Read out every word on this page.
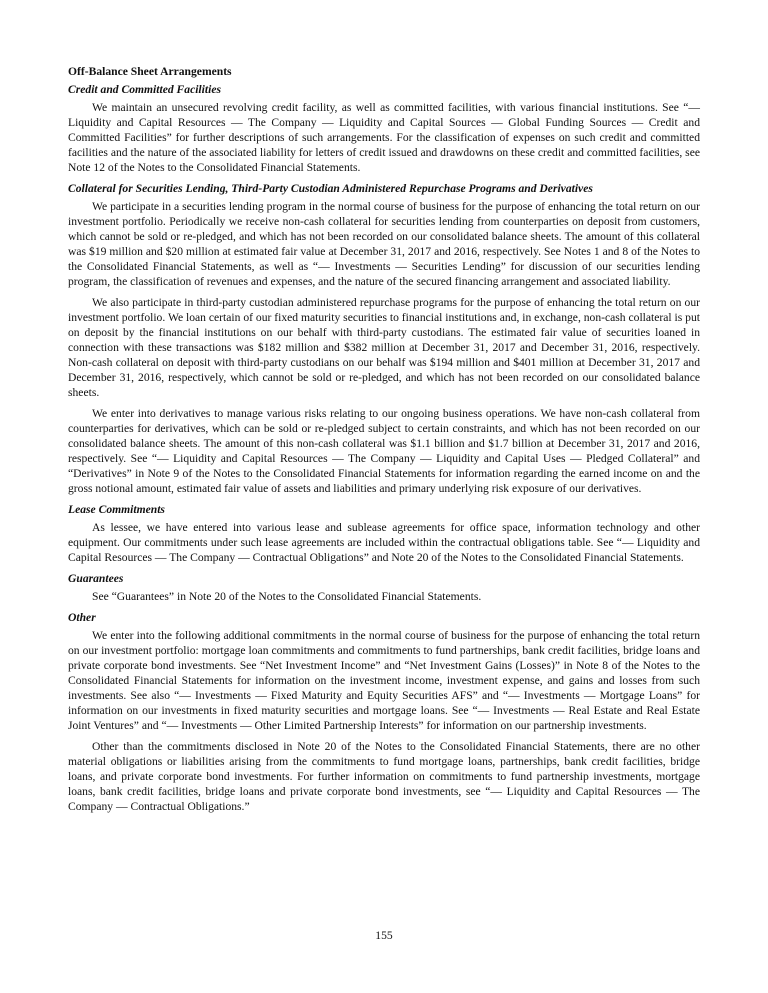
Off-Balance Sheet Arrangements
Credit and Committed Facilities

We maintain an unsecured revolving credit facility, as well as committed facilities, with various financial institutions. See “— Liquidity and Capital Resources — The Company — Liquidity and Capital Sources — Global Funding Sources — Credit and Committed Facilities” for further descriptions of such arrangements. For the classification of expenses on such credit and committed facilities and the nature of the associated liability for letters of credit issued and drawdowns on these credit and committed facilities, see Note 12 of the Notes to the Consolidated Financial Statements.

Collateral for Securities Lending, Third-Party Custodian Administered Repurchase Programs and Derivatives

We participate in a securities lending program in the normal course of business for the purpose of enhancing the total return on our investment portfolio. Periodically we receive non-cash collateral for securities lending from counterparties on deposit from customers, which cannot be sold or re-pledged, and which has not been recorded on our consolidated balance sheets. The amount of this collateral was $19 million and $20 million at estimated fair value at December 31, 2017 and 2016, respectively. See Notes 1 and 8 of the Notes to the Consolidated Financial Statements, as well as “— Investments — Securities Lending” for discussion of our securities lending program, the classification of revenues and expenses, and the nature of the secured financing arrangement and associated liability.

We also participate in third-party custodian administered repurchase programs for the purpose of enhancing the total return on our investment portfolio. We loan certain of our fixed maturity securities to financial institutions and, in exchange, non-cash collateral is put on deposit by the financial institutions on our behalf with third-party custodians. The estimated fair value of securities loaned in connection with these transactions was $182 million and $382 million at December 31, 2017 and December 31, 2016, respectively. Non-cash collateral on deposit with third-party custodians on our behalf was $194 million and $401 million at December 31, 2017 and December 31, 2016, respectively, which cannot be sold or re-pledged, and which has not been recorded on our consolidated balance sheets.

We enter into derivatives to manage various risks relating to our ongoing business operations. We have non-cash collateral from counterparties for derivatives, which can be sold or re-pledged subject to certain constraints, and which has not been recorded on our consolidated balance sheets. The amount of this non-cash collateral was $1.1 billion and $1.7 billion at December 31, 2017 and 2016, respectively. See “— Liquidity and Capital Resources — The Company — Liquidity and Capital Uses — Pledged Collateral” and “Derivatives” in Note 9 of the Notes to the Consolidated Financial Statements for information regarding the earned income on and the gross notional amount, estimated fair value of assets and liabilities and primary underlying risk exposure of our derivatives.

Lease Commitments

As lessee, we have entered into various lease and sublease agreements for office space, information technology and other equipment. Our commitments under such lease agreements are included within the contractual obligations table. See “— Liquidity and Capital Resources — The Company — Contractual Obligations” and Note 20 of the Notes to the Consolidated Financial Statements.

Guarantees

See “Guarantees” in Note 20 of the Notes to the Consolidated Financial Statements.

Other

We enter into the following additional commitments in the normal course of business for the purpose of enhancing the total return on our investment portfolio: mortgage loan commitments and commitments to fund partnerships, bank credit facilities, bridge loans and private corporate bond investments. See “Net Investment Income” and “Net Investment Gains (Losses)” in Note 8 of the Notes to the Consolidated Financial Statements for information on the investment income, investment expense, and gains and losses from such investments. See also “— Investments — Fixed Maturity and Equity Securities AFS” and “— Investments — Mortgage Loans” for information on our investments in fixed maturity securities and mortgage loans. See “— Investments — Real Estate and Real Estate Joint Ventures” and “— Investments — Other Limited Partnership Interests” for information on our partnership investments.

Other than the commitments disclosed in Note 20 of the Notes to the Consolidated Financial Statements, there are no other material obligations or liabilities arising from the commitments to fund mortgage loans, partnerships, bank credit facilities, bridge loans, and private corporate bond investments. For further information on commitments to fund partnership investments, mortgage loans, bank credit facilities, bridge loans and private corporate bond investments, see “— Liquidity and Capital Resources — The Company — Contractual Obligations.”

155
